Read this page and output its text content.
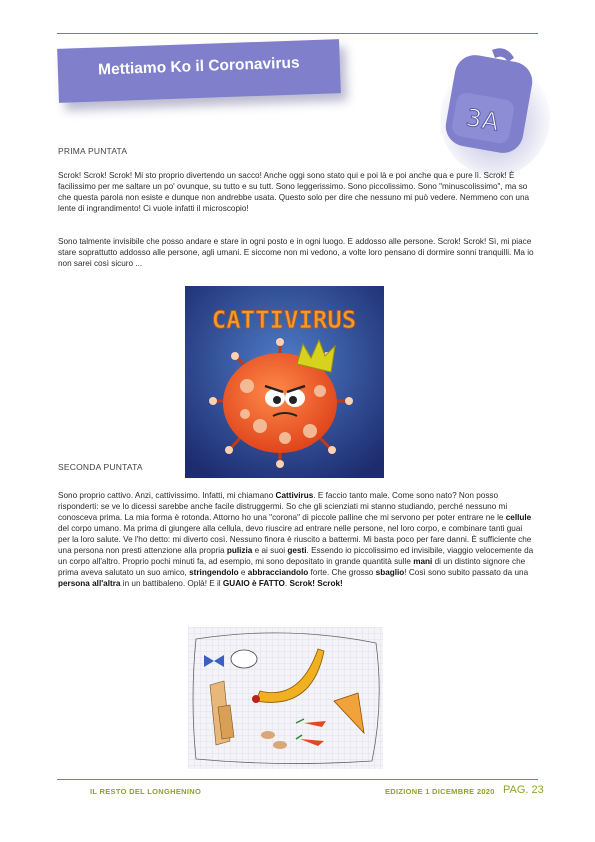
Mettiamo Ko il Coronavirus
3A
PRIMA PUNTATA
Scrok! Scrok! Scrok! Mi sto proprio divertendo un sacco! Anche oggi sono stato qui e poi là e poi anche qua e pure lì. Scrok! È facilissimo per me saltare un po' ovunque, su tutto e su tutt. Sono leggerissimo. Sono piccolissimo. Sono "minuscolissimo", ma so che questa parola non esiste e dunque non andrebbe usata. Questo solo per dire che nessuno mi può vedere. Nemmeno con una lente di ingrandimento! Ci vuole infatti il microscopio!
Sono talmente invisibile che posso andare e stare in ogni posto e in ogni luogo. E addosso alle persone. Scrok! Scrok! Sì, mi piace stare soprattutto addosso alle persone, agli umani. E siccome non mi vedono, a volte loro pensano di dormire sonni tranquilli. Ma io non sarei così sicuro ...
CATTIVIRUS
SECONDA PUNTATA
Sono proprio cattivo. Anzi, cattivissimo. Infatti, mi chiamano Cattivirus. E faccio tanto male. Come sono nato? Non posso risponderti: se ve lo dicessi sarebbe anche facile distruggermi. So che gli scienziati mi stanno studiando, perché nessuno mi conosceva prima. La mia forma è rotonda. Attorno ho una "corona" di piccole palline che mi servono per poter entrare ne le cellule del corpo umano. Ma prima di giungere alla cellula, devo riuscire ad entrare nelle persone, nel loro corpo, e combinare tanti guai per la loro salute. Ve l'ho detto: mi diverto così. Nessuno finora è riuscito a battermi. Mi basta poco per fare danni. È sufficiente che una persona non presti attenzione alla propria pulizia e ai suoi gesti. Essendo io piccolissimo ed invisibile, viaggio velocemente da un corpo all'altro. Proprio pochi minuti fa, ad esempio, mi sono depositato in grande quantità sulle mani di un distinto signore che prima aveva salutato un suo amico, stringendolo e abbracciandolo forte. Che grosso sbaglio! Così sono subito passato da una persona all'altra in un battibaleno. Oplà! E il GUAIO è FATTO. Scrok! Scrok!
IL RESTO DEL LONGHENINO	EDIZIONE 1 DICEMBRE 2020 PAG. 23
